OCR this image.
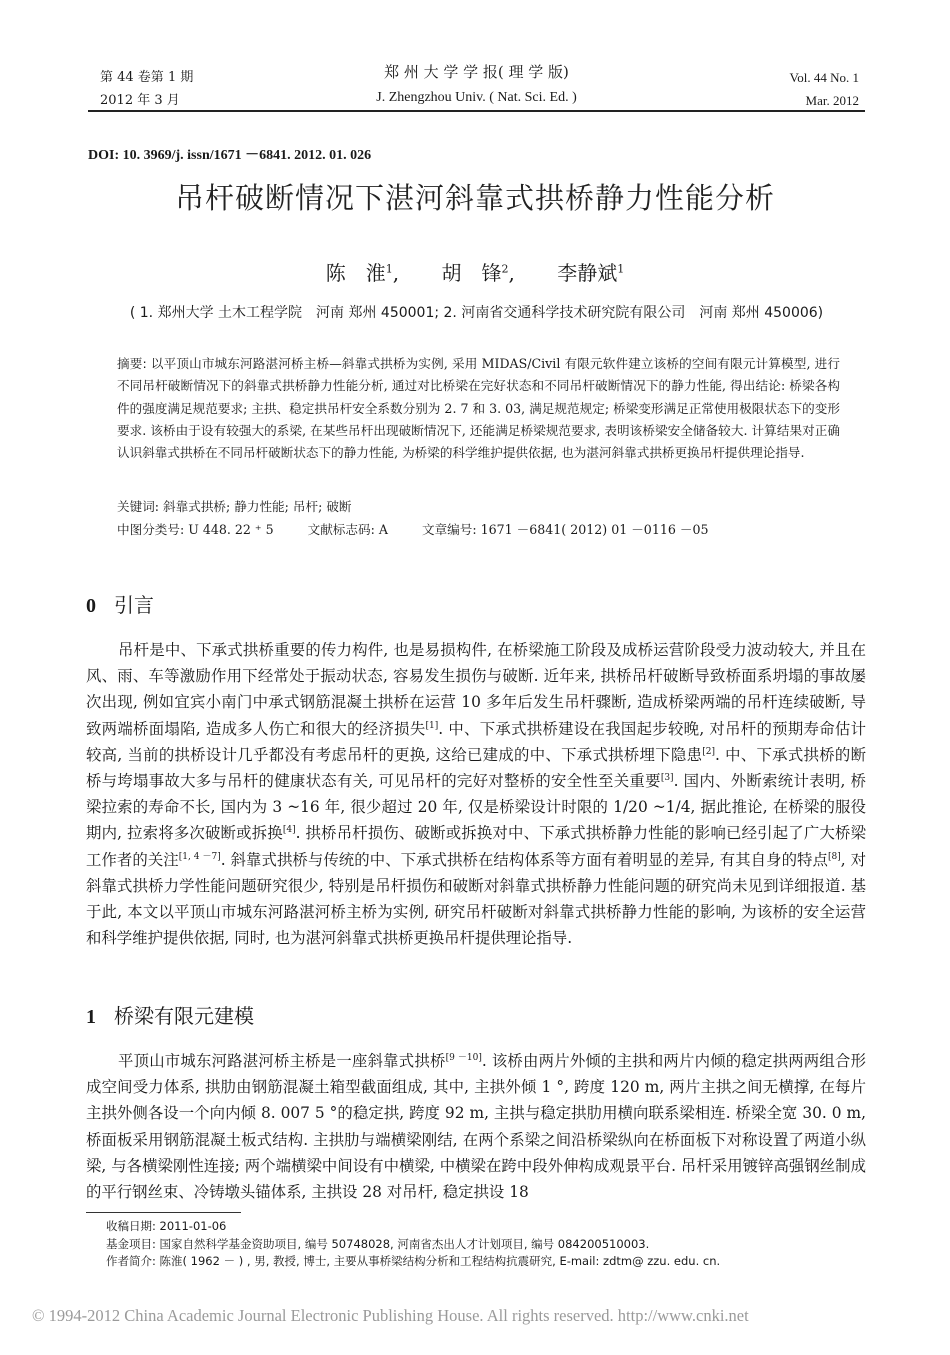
第 44 卷第 1 期
2012 年 3 月
郑 州 大 学 学 报( 理 学 版)
J. Zhengzhou Univ. ( Nat. Sci. Ed. )
Vol. 44 No. 1
Mar. 2012
DOI: 10. 3969/j. issn/1671 －6841. 2012. 01. 026
吊杆破断情况下湛河斜靠式拱桥静力性能分析
陈　淮$^1$, 胡　锋$^2$, 李静斌$^1$
( 1. 郑州大学 土木工程学院　河南 郑州 450001; 2. 河南省交通科学技术研究院有限公司　河南 郑州 450006)
摘要: 以平顶山市城东河路湛河桥主桥—斜靠式拱桥为实例, 采用 MIDAS/Civil 有限元软件建立该桥的空间有限元计算模型, 进行不同吊杆破断情况下的斜靠式拱桥静力性能分析, 通过对比桥梁在完好状态和不同吊杆破断情况下的静力性能, 得出结论: 桥梁各构件的强度满足规范要求; 主拱、稳定拱吊杆安全系数分别为 2. 7 和 3. 03, 满足规范规定; 桥梁变形满足正常使用极限状态下的变形要求. 该桥由于设有较强大的系梁, 在某些吊杆出现破断情况下, 还能满足桥梁规范要求, 表明该桥梁安全储备较大. 计算结果对正确认识斜靠式拱桥在不同吊杆破断状态下的静力性能, 为桥梁的科学维护提供依据, 也为湛河斜靠式拱桥更换吊杆提供理论指导.
关键词: 斜靠式拱桥; 静力性能; 吊杆; 破断
中图分类号: U 448. 22 ⁺ 5	文献标志码: A	文章编号: 1671 －6841( 2012) 01 －0116 －05
0 引言
吊杆是中、下承式拱桥重要的传力构件, 也是易损构件, 在桥梁施工阶段及成桥运营阶段受力波动较大, 并且在风、雨、车等激励作用下经常处于振动状态, 容易发生损伤与破断. 近年来, 拱桥吊杆破断导致桥面系坍塌的事故屡次出现, 例如宜宾小南门中承式钢筋混凝土拱桥在运营 10 多年后发生吊杆骤断, 造成桥梁两端的吊杆连续破断, 导致两端桥面塌陷, 造成多人伤亡和很大的经济损失[1]. 中、下承式拱桥建设在我国起步较晚, 对吊杆的预期寿命估计较高, 当前的拱桥设计几乎都没有考虑吊杆的更换, 这给已建成的中、下承式拱桥埋下隐患[2]. 中、下承式拱桥的断桥与垮塌事故大多与吊杆的健康状态有关, 可见吊杆的完好对整桥的安全性至关重要[3]. 国内、外断索统计表明, 桥梁拉索的寿命不长, 国内为 3 ~16 年, 很少超过 20 年, 仅是桥梁设计时限的 1/20 ~1/4, 据此推论, 在桥梁的服役期内, 拉索将多次破断或拆换[4]. 拱桥吊杆损伤、破断或拆换对中、下承式拱桥静力性能的影响已经引起了广大桥梁工作者的关注[1, 4 －7]. 斜靠式拱桥与传统的中、下承式拱桥在结构体系等方面有着明显的差异, 有其自身的特点[8], 对斜靠式拱桥力学性能问题研究很少, 特别是吊杆损伤和破断对斜靠式拱桥静力性能问题的研究尚未见到详细报道. 基于此, 本文以平顶山市城东河路湛河桥主桥为实例, 研究吊杆破断对斜靠式拱桥静力性能的影响, 为该桥的安全运营和科学维护提供依据, 同时, 也为湛河斜靠式拱桥更换吊杆提供理论指导.
1 桥梁有限元建模
平顶山市城东河路湛河桥主桥是一座斜靠式拱桥[9 －10]. 该桥由两片外倾的主拱和两片内倾的稳定拱两两组合形成空间受力体系, 拱肋由钢筋混凝土箱型截面组成, 其中, 主拱外倾 1 °, 跨度 120 m, 两片主拱之间无横撑, 在每片主拱外侧各设一个向内倾 8. 007 5 °的稳定拱, 跨度 92 m, 主拱与稳定拱肋用横向联系梁相连. 桥梁全宽 30. 0 m, 桥面板采用钢筋混凝土板式结构. 主拱肋与端横梁刚结, 在两个系梁之间沿桥梁纵向在桥面板下对称设置了两道小纵梁, 与各横梁刚性连接; 两个端横梁中间设有中横梁, 中横梁在跨中段外伸构成观景平台. 吊杆采用镀锌高强钢丝制成的平行钢丝束、冷铸墩头锚体系, 主拱设 28 对吊杆, 稳定拱设 18
收稿日期: 2011-01-06
基金项目: 国家自然科学基金资助项目, 编号 50748028, 河南省杰出人才计划项目, 编号 084200510003.
作者简介: 陈淮( 1962 － ) , 男, 教授, 博士, 主要从事桥梁结构分析和工程结构抗震研究, E-mail: zdtm@ zzu. edu. cn.
© 1994-2012 China Academic Journal Electronic Publishing House. All rights reserved. http://www.cnki.net
